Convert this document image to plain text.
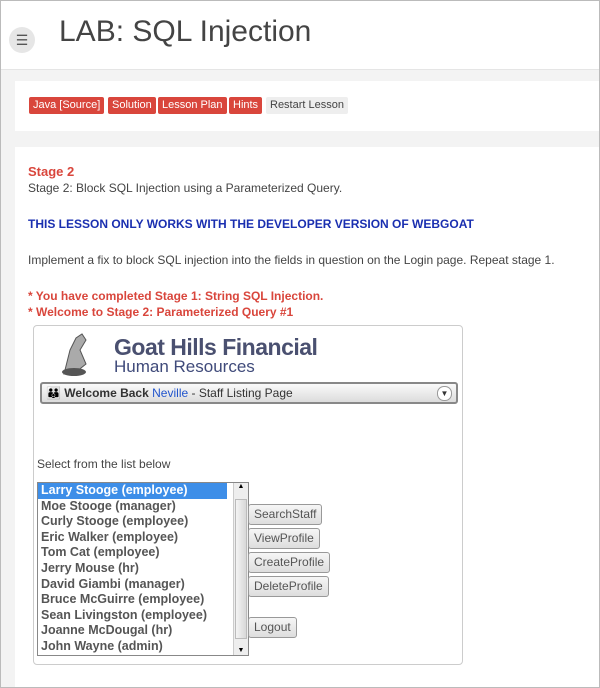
☰ LAB: SQL Injection
Java [Source]	Solution Lesson Plan Hints	Restart Lesson
Stage 2
Stage 2: Block SQL Injection using a Parameterized Query.
THIS LESSON ONLY WORKS WITH THE DEVELOPER VERSION OF WEBGOAT
Implement a fix to block SQL injection into the fields in question on the Login page. Repeat stage 1.
* You have completed Stage 1: String SQL Injection.
* Welcome to Stage 2: Parameterized Query #1
Goat Hills Financial
Human Resources
👪 Welcome Back Neville - Staff Listing Page	▼
Select from the list below
Larry Stooge (employee)
Moe Stooge (manager)
Curly Stooge (employee)
Eric Walker (employee)
Tom Cat (employee)
Jerry Mouse (hr)
David Giambi (manager)
Bruce McGuirre (employee)
Sean Livingston (employee)
Joanne McDougal (hr)
John Wayne (admin)
▲
▼
SearchStaff
ViewProfile
CreateProfile
DeleteProfile
Logout
